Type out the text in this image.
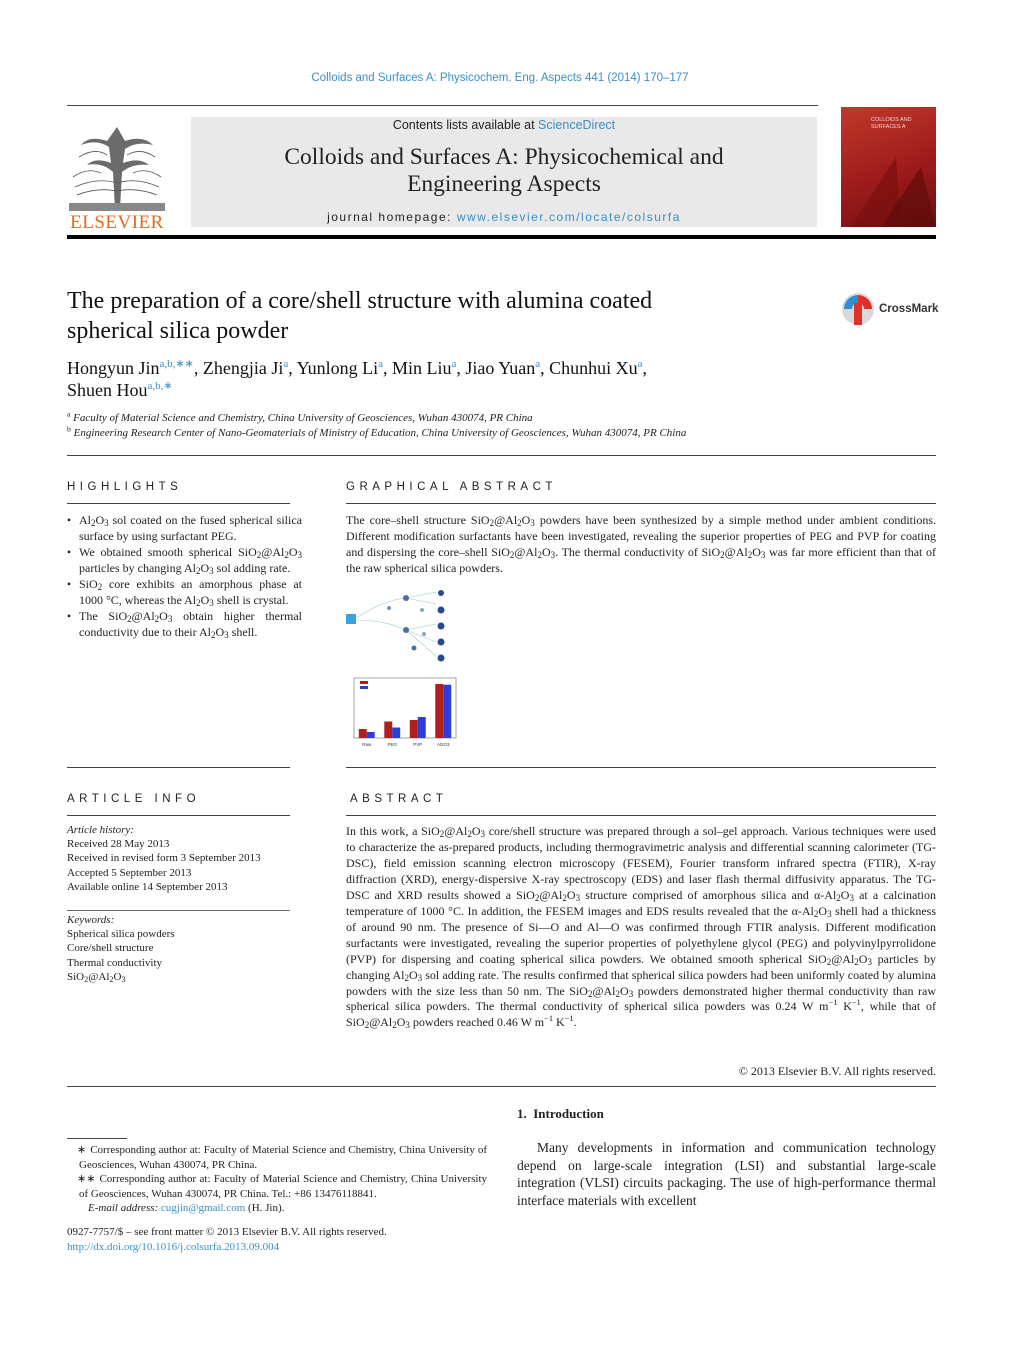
Colloids and Surfaces A: Physicochem. Eng. Aspects 441 (2014) 170–177
ELSEVIER
Contents lists available at ScienceDirect
Colloids and Surfaces A: Physicochemical and
Engineering Aspects
journal homepage: www.elsevier.com/locate/colsurfa
COLLOIDS AND
SURFACES A
The preparation of a core/shell structure with alumina coated
spherical silica powder
CrossMark
Hongyun Jin$^{a,b,∗∗}$, Zhengjia Ji$^a$, Yunlong Li$^a$, Min Liu$^a$, Jiao Yuan$^a$, Chunhui Xu$^a$,
Shuen Hou$^{a,b,∗}$
$^a$ Faculty of Material Science and Chemistry, China University of Geosciences, Wuhan 430074, PR China
$^b$ Engineering Research Center of Nano-Geomaterials of Ministry of Education, China University of Geosciences, Wuhan 430074, PR China
HIGHLIGHTS
• $Al_2O_3$ sol coated on the fused spherical silica surface by using surfactant PEG.
• We obtained smooth spherical $SiO_2@Al_2O_3$ particles by changing $Al_2O_3$ sol adding rate.
• SiO$_2$ core exhibits an amorphous phase at 1000 °C, whereas the $Al_2O_3$ shell is crystal.
• The $SiO_2@Al_2O_3$ obtain higher thermal conductivity due to their $Al_2O_3$ shell.
GRAPHICAL ABSTRACT

The core–shell structure $SiO_2@Al_2O_3$ powders have been synthesized by a simple method under ambient conditions. Different modification surfactants have been investigated, revealing the superior properties of PEG and PVP for coating and dispersing the core–shell $SiO_2@Al_2O_3$. The thermal conductivity of $SiO_2@Al_2O_3$ was far more efficient than that of the raw spherical silica powders.

Raw	PEG	PVP	Al2O3
ARTICLE INFO
Article history:
Received 28 May 2013
Received in revised form 3 September 2013
Accepted 5 September 2013
Available online 14 September 2013
Keywords:
Spherical silica powders
Core/shell structure
Thermal conductivity
$SiO_2@Al_2O_3$
ABSTRACT

In this work, a $SiO_2@Al_2O_3$ core/shell structure was prepared through a sol–gel approach. Various techniques were used to characterize the as-prepared products, including thermogravimetric analysis and differential scanning calorimeter (TG-DSC), field emission scanning electron microscopy (FESEM), Fourier transform infrared spectra (FTIR), X-ray diffraction (XRD), energy-dispersive X-ray spectroscopy (EDS) and laser flash thermal diffusivity apparatus. The TG-DSC and XRD results showed a $SiO_2@Al_2O_3$ structure comprised of amorphous silica and $\alpha-Al_2O_3$ at a calcination temperature of 1000 °C. In addition, the FESEM images and EDS results revealed that the $\alpha-Al_2O_3$ shell had a thickness of around 90 nm. The presence of Si—O and Al—O was confirmed through FTIR analysis. Different modification surfactants were investigated, revealing the superior properties of polyethylene glycol (PEG) and polyvinylpyrrolidone (PVP) for dispersing and coating spherical silica powders. We obtained smooth spherical $SiO_2@Al_2O_3$ particles by changing $Al_2O_3$ sol adding rate. The results confirmed that spherical silica powders had been uniformly coated by alumina powders with the size less than 50 nm. The $SiO_2@Al_2O_3$ powders demonstrated higher thermal conductivity than raw spherical silica powders. The thermal conductivity of spherical silica powders was 0.24 W $m^{-1}$ $K^{-1}$, while that of $SiO_2@Al_2O_3$ powders reached 0.46 W $m^{-1}$ $K^{-1}$.

© 2013 Elsevier B.V. All rights reserved.
1.  Introduction

Many developments in information and communication technology depend on large-scale integration (LSI) and substantial large-scale integration (VLSI) circuits packaging. The use of high-performance thermal interface materials with excellent

∗ Corresponding author at: Faculty of Material Science and Chemistry, China University of Geosciences, Wuhan 430074, PR China.

∗∗ Corresponding author at: Faculty of Material Science and Chemistry, China University of Geosciences, Wuhan 430074, PR China. Tel.: +86 13476118841.

E-mail address: cugjin@gmail.com (H. Jin).

0927-7757/$ – see front matter © 2013 Elsevier B.V. All rights reserved.
http://dx.doi.org/10.1016/j.colsurfa.2013.09.004
